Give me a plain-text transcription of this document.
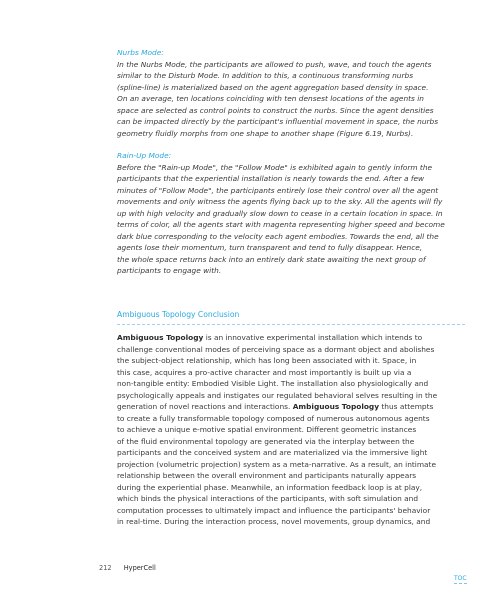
Nurbs Mode:

In the Nurbs Mode, the participants are allowed to push, wave, and touch the agents
similar to the Disturb Mode. In addition to this, a continuous transforming nurbs
(spline-line) is materialized based on the agent aggregation based density in space.
On an average, ten locations coinciding with ten densest locations of the agents in
space are selected as control points to construct the nurbs. Since the agent densities
can be impacted directly by the participant's influential movement in space, the nurbs
geometry fluidly morphs from one shape to another shape (Figure 6.19, Nurbs).

Rain-Up Mode:

Before the "Rain-up Mode", the "Follow Mode" is exhibited again to gently inform the
participants that the experiential installation is nearly towards the end. After a few
minutes of "Follow Mode", the participants entirely lose their control over all the agent
movements and only witness the agents flying back up to the sky. All the agents will fly
up with high velocity and gradually slow down to cease in a certain location in space. In
terms of color, all the agents start with magenta representing higher speed and become
dark blue corresponding to the velocity each agent embodies. Towards the end, all the
agents lose their momentum, turn transparent and tend to fully disappear. Hence,
the whole space returns back into an entirely dark state awaiting the next group of
participants to engage with.

Ambiguous Topology Conclusion

Ambiguous Topology is an innovative experimental installation which intends to
challenge conventional modes of perceiving space as a dormant object and abolishes
the subject-object relationship, which has long been associated with it. Space, in
this case, acquires a pro-active character and most importantly is built up via a
non-tangible entity: Embodied Visible Light. The installation also physiologically and
psychologically appeals and instigates our regulated behavioral selves resulting in the
generation of novel reactions and interactions. Ambiguous Topology thus attempts
to create a fully transformable topology composed of numerous autonomous agents
to achieve a unique e-motive spatial environment. Different geometric instances
of the fluid environmental topology are generated via the interplay between the
participants and the conceived system and are materialized via the immersive light
projection (volumetric projection) system as a meta-narrative. As a result, an intimate
relationship between the overall environment and participants naturally appears
during the experiential phase. Meanwhile, an information feedback loop is at play,
which binds the physical interactions of the participants, with soft simulation and
computation processes to ultimately impact and influence the participants' behavior
in real-time. During the interaction process, novel movements, group dynamics, and

212 HyperCell
TOC
